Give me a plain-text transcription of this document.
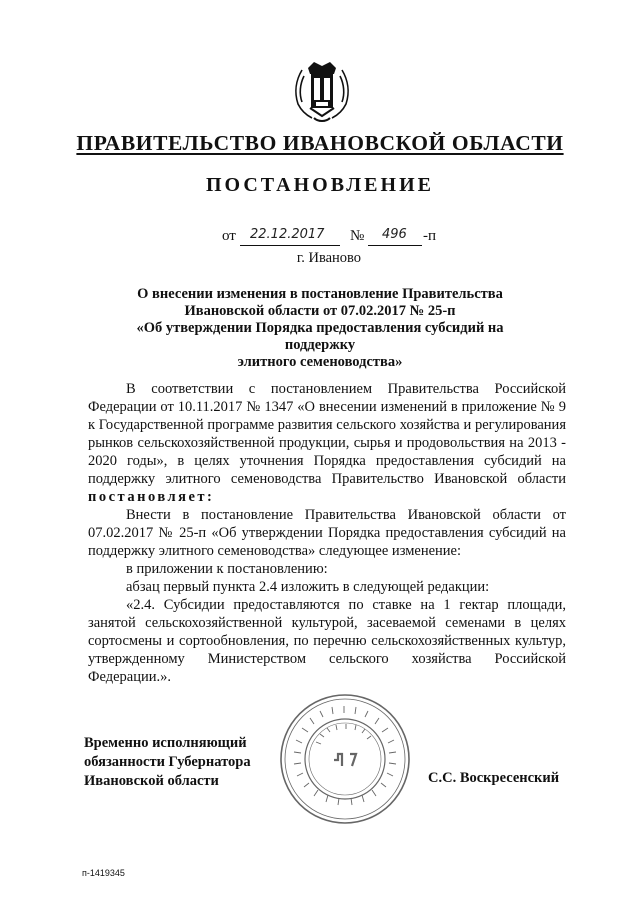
ПРАВИТЕЛЬСТВО ИВАНОВСКОЙ ОБЛАСТИ
ПОСТАНОВЛЕНИЕ
от 22.12.2017 № 496 -п
г. Иваново
О внесении изменения в постановление Правительства
Ивановской области от 07.02.2017 № 25-п
«Об утверждении Порядка предоставления субсидий на поддержку
элитного семеноводства»

В соответствии с постановлением Правительства Российской Федерации от 10.11.2017 № 1347 «О внесении изменений в приложение № 9 к Государственной программе развития сельского хозяйства и регулирования рынков сельскохозяйственной продукции, сырья и продовольствия на 2013 - 2020 годы», в целях уточнения Порядка предоставления субсидий на поддержку элитного семеноводства Правительство Ивановской области постановляет:

Внести в постановление Правительства Ивановской области от 07.02.2017 № 25-п «Об утверждении Порядка предоставления субсидий на поддержку элитного семеноводства» следующее изменение:

в приложении к постановлению:

абзац первый пункта 2.4 изложить в следующей редакции:

«2.4. Субсидии предоставляются по ставке на 1 гектар площади, занятой сельскохозяйственной культурой, засеваемой семенами в целях сортосмены и сортообновления, по перечню сельскохозяйственных культур, утвержденному Министерством сельского хозяйства Российской Федерации.».

Временно исполняющий
обязанности Губернатора
Ивановской области	С.С. Воскресенский
п-1419345
